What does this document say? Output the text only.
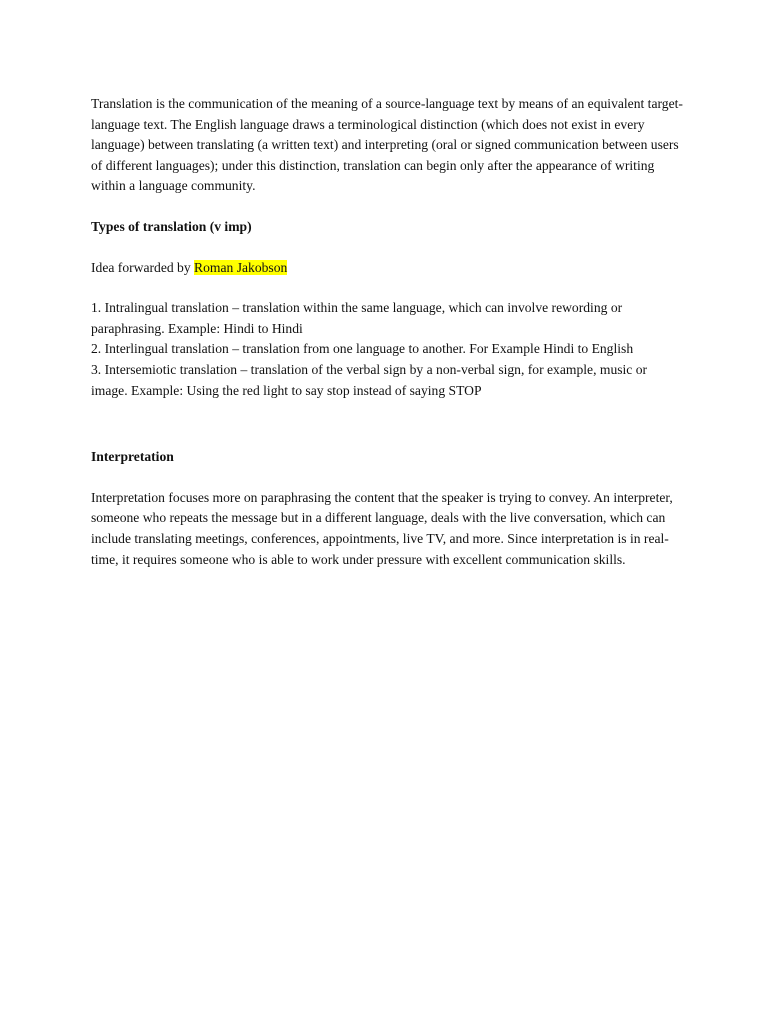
Translation is the communication of the meaning of a source-language text by means of an equivalent target-language text. The English language draws a terminological distinction (which does not exist in every language) between translating (a written text) and interpreting (oral or signed communication between users of different languages); under this distinction, translation can begin only after the appearance of writing within a language community.

Types of translation (v imp)

Idea forwarded by Roman Jakobson

1. Intralingual translation – translation within the same language, which can involve rewording or paraphrasing. Example: Hindi to Hindi

2. Interlingual translation – translation from one language to another. For Example Hindi to English

3. Intersemiotic translation – translation of the verbal sign by a non-verbal sign, for example, music or image. Example: Using the red light to say stop instead of saying STOP

Interpretation

Interpretation focuses more on paraphrasing the content that the speaker is trying to convey. An interpreter, someone who repeats the message but in a different language, deals with the live conversation, which can include translating meetings, conferences, appointments, live TV, and more. Since interpretation is in real-time, it requires someone who is able to work under pressure with excellent communication skills.
